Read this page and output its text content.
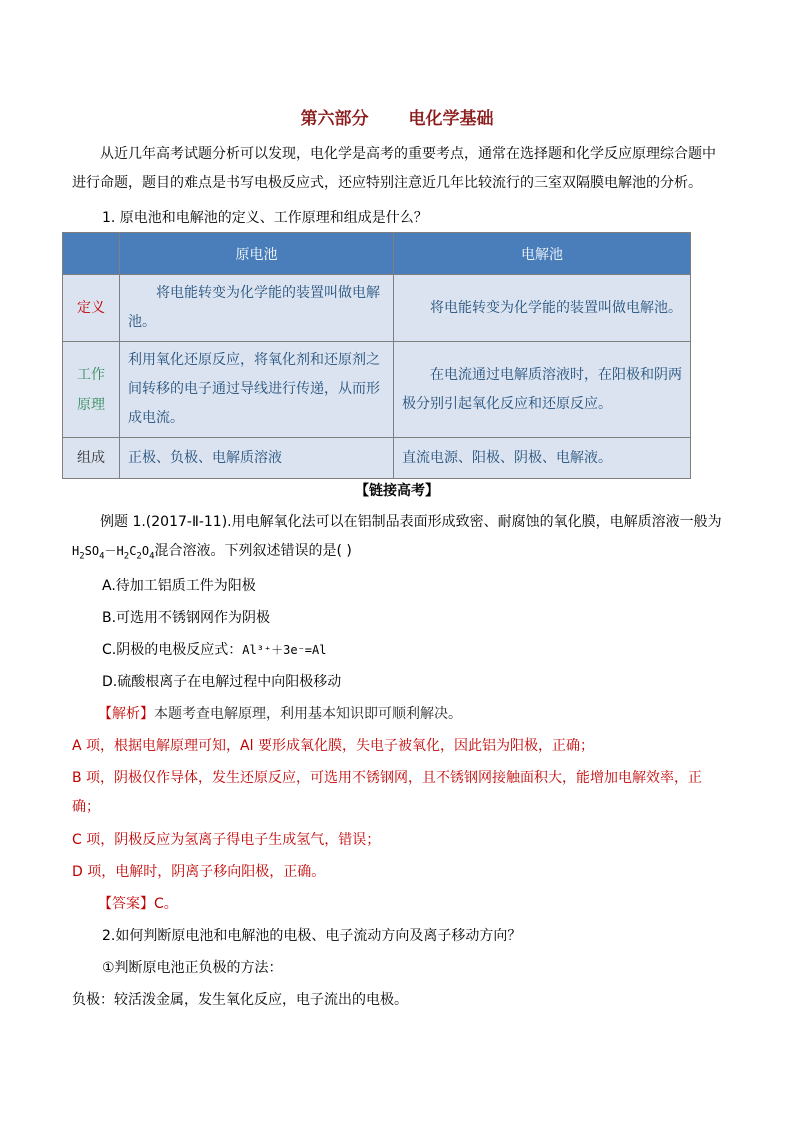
第六部分 电化学基础
从近几年高考试题分析可以发现，电化学是高考的重要考点，通常在选择题和化学反应原理综合题中进行命题，题目的难点是书写电极反应式，还应特别注意近几年比较流行的三室双隔膜电解池的分析。
1. 原电池和电解池的定义、工作原理和组成是什么？
	原电池	电解池
定义	将电能转变为化学能的装置叫做电解池。	将电能转变为化学能的装置叫做电解池。

工作
原理	利用氧化还原反应，将氧化剂和还原剂之间转移的电子通过导线进行传递，从而形成电流。	在电流通过电解质溶液时，在阳极和阴两极分别引起氧化反应和还原反应。
组成	正极、负极、电解质溶液	直流电源、阳极、阴极、电解液。
【链接高考】
例题 1.(2017-Ⅱ-11).用电解氧化法可以在铝制品表面形成致密、耐腐蚀的氧化膜，电解质溶液一般为 $H_2SO_4-H_2C_2O_4$混合溶液。下列叙述错误的是( )
A.待加工铝质工件为阳极
B.可选用不锈钢网作为阴极
C.阴极的电极反应式：Al³⁺＋3e⁻=Al
D.硫酸根离子在电解过程中向阳极移动
【解析】本题考查电解原理，利用基本知识即可顺利解决。
A 项，根据电解原理可知，Al 要形成氧化膜，失电子被氧化，因此铝为阳极，正确；
B 项，阴极仅作导体，发生还原反应，可选用不锈钢网，且不锈钢网接触面积大，能增加电解效率，正确；
C 项，阴极反应为氢离子得电子生成氢气，错误；
D 项，电解时，阴离子移向阳极，正确。
【答案】C。
2.如何判断原电池和电解池的电极、电子流动方向及离子移动方向？
①判断原电池正负极的方法：
负极：较活泼金属，发生氧化反应，电子流出的电极。
